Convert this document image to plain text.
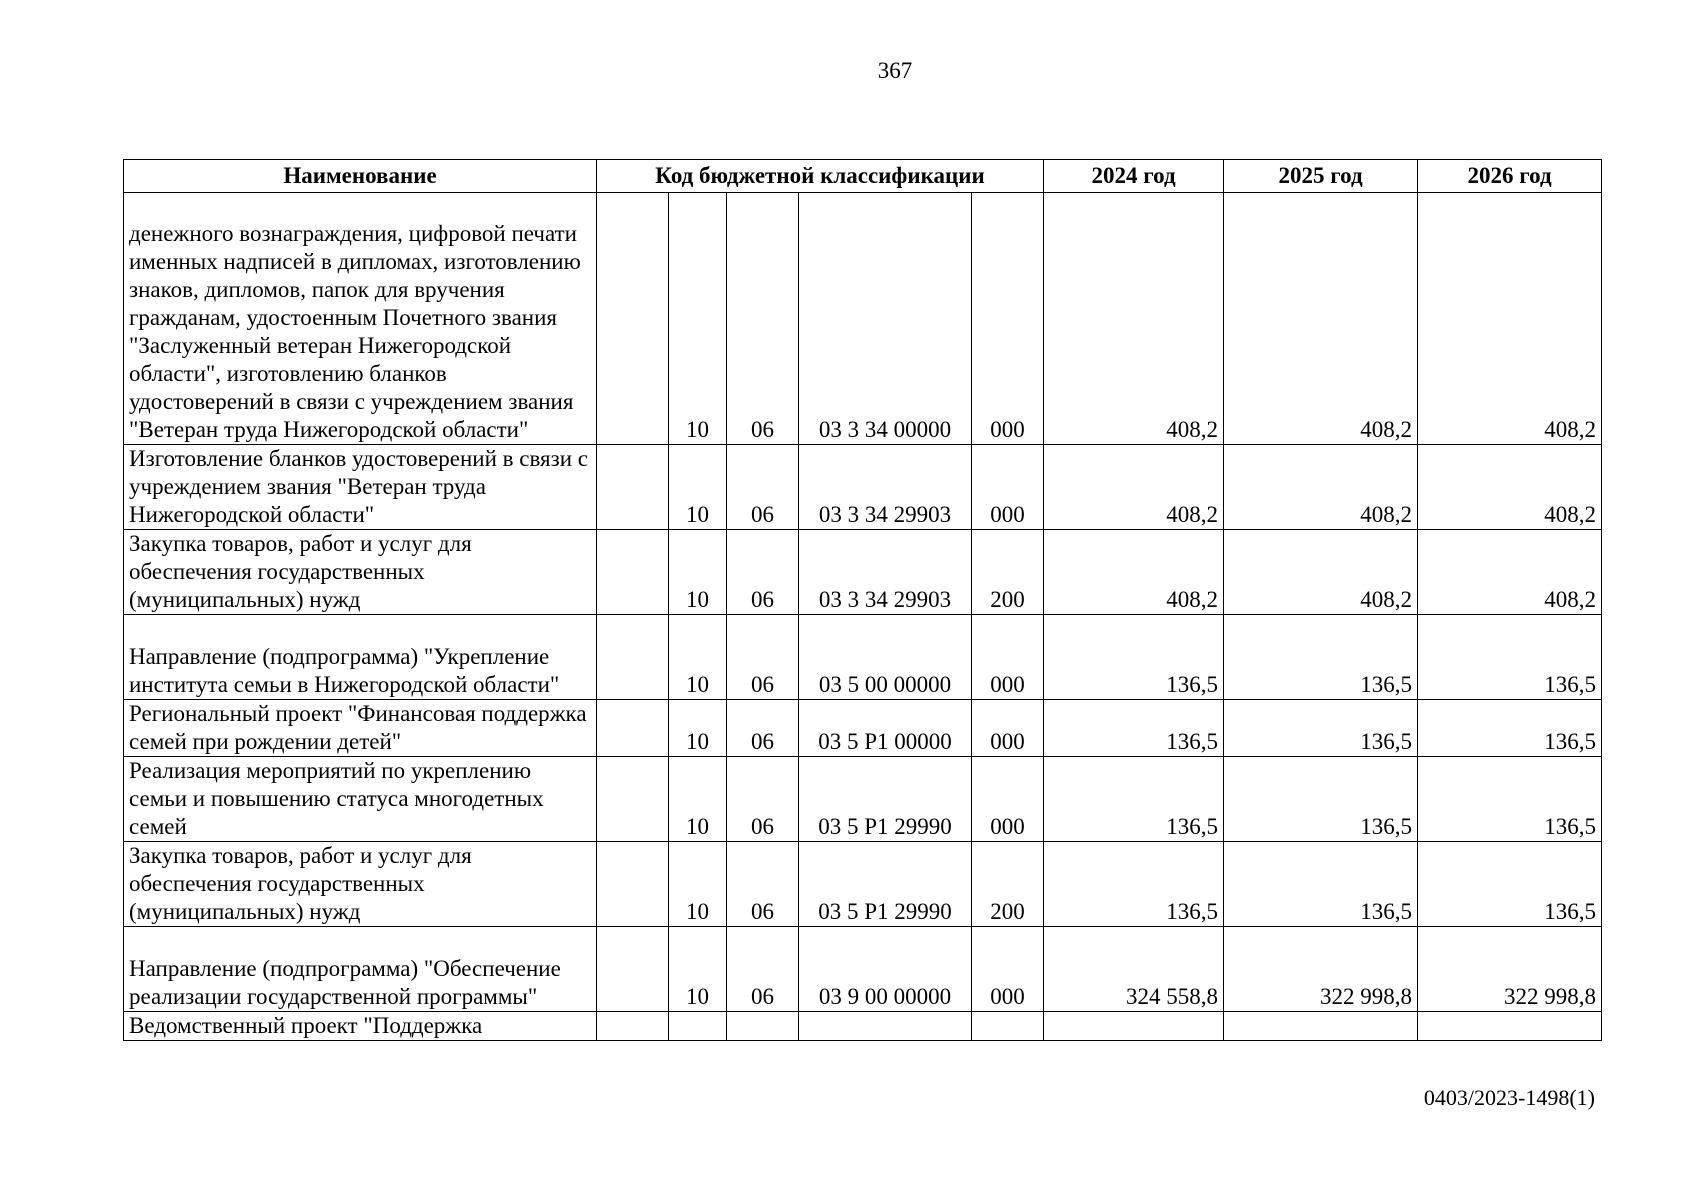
367
Наименование	Код бюджетной классификации					2024 год	2025 год	2026 год
денежного вознаграждения, цифровой печати именных надписей в дипломах, изготовлению знаков, дипломов, папок для вручения гражданам, удостоенным Почетного звания "Заслуженный ветеран Нижегородской области", изготовлению бланков удостоверений в связи с учреждением звания "Ветеран труда Нижегородской области"		10	06	03 3 34 00000	000	408,2	408,2	408,2
Изготовление бланков удостоверений в связи с учреждением звания "Ветеран труда Нижегородской области"		10	06	03 3 34 29903	000	408,2	408,2	408,2
Закупка товаров, работ и услуг для обеспечения государственных (муниципальных) нужд		10	06	03 3 34 29903	200	408,2	408,2	408,2
Направление (подпрограмма) "Укрепление института семьи в Нижегородской области"		10	06	03 5 00 00000	000	136,5	136,5	136,5
Региональный проект "Финансовая поддержка семей при рождении детей"		10	06	03 5 Р1 00000	000	136,5	136,5	136,5
Реализация мероприятий по укреплению семьи и повышению статуса многодетных семей		10	06	03 5 Р1 29990	000	136,5	136,5	136,5
Закупка товаров, работ и услуг для обеспечения государственных (муниципальных) нужд		10	06	03 5 Р1 29990	200	136,5	136,5	136,5
Направление (подпрограмма) "Обеспечение реализации государственной программы"		10	06	03 9 00 00000	000	324 558,8	322 998,8	322 998,8
Ведомственный проект "Поддержка								
0403/2023-1498(1)
